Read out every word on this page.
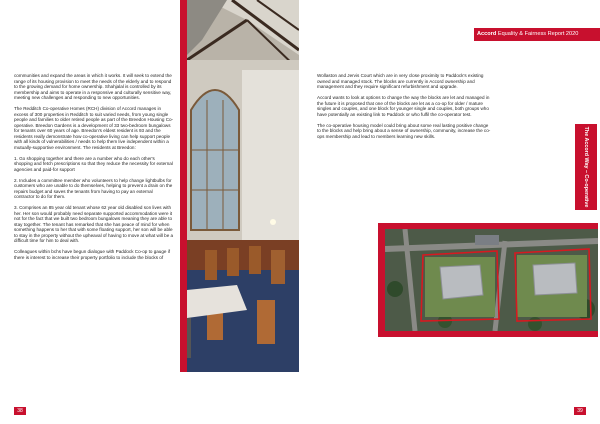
communities and expand the areas in which it works. It will seek to extend the range of its housing provision to meet the needs of the elderly and to respond to the growing demand for home ownership. Shahjalal is controlled by its membership and aims to operate in a responsive and culturally sensitive way, meeting new challenges and responding to new opportunities.

The Redditch Co-operative Homes (RCH) division of Accord manages in excess of 300 properties in Redditch to suit varied needs, from young single people and families to older retired people as part of the Breedon Housing Co-operative. Breedon Gardens is a development of 33 two-bedroom bungalows for tenants over 60 years of age. Breedon's eldest resident is 93 and the residents really demonstrate how co-operative living can help support people with all kinds of vulnerabilities / needs to help them live independent within a mutually-supportive environment. The residents at Breedon:

1. Go shopping together and there are a number who do each other's shopping and fetch prescriptions so that they reduce the necessity for external agencies and paid-for support

2. Includes a committee member who volunteers to help change lightbulbs for customers who are unable to do themselves, helping to prevent a drain on the repairs budget and saves the tenants from having to pay an external contractor to do for them.

3. Comprises an 85 year old tenant whose 62 year old disabled son lives with her. Her son would probably need separate supported accommodation were it not for the fact that we built two bedroom bungalows meaning they are able to stay together. The tenant has remarked that she has peace of mind for when something happens to her that with some floating support, her son will be able to stay in the property without the upheaval of having to move at what will be a difficult time for him to deal with.

Colleagues within bchs have begun dialogue with Paddock Co-op to gauge if there is interest to increase their property portfolio to include the blocks of

Accord Equality & Fairness Report 2020

Wollaston and Jervis Court which are in very close proximity to Paddock's existing owned and managed stock. The blocks are currently in Accord ownership and management and they require significant refurbishment and upgrade.

Accord wants to look at options to change the way the blocks are let and managed in the future it is proposed that one of the blocks are let as a co-op for older / mature singles and couples, and one block for younger single and couples, both groups who have potentially an existing link to Paddock or who fulfil the co-operator test.

The co-operative housing model could bring about some real lasting positive change to the blocks and help bring about a sense of ownership, community, increase the co-ops membership and lead to members learning new skills.	The Accord Way – Co-operative
38	39
